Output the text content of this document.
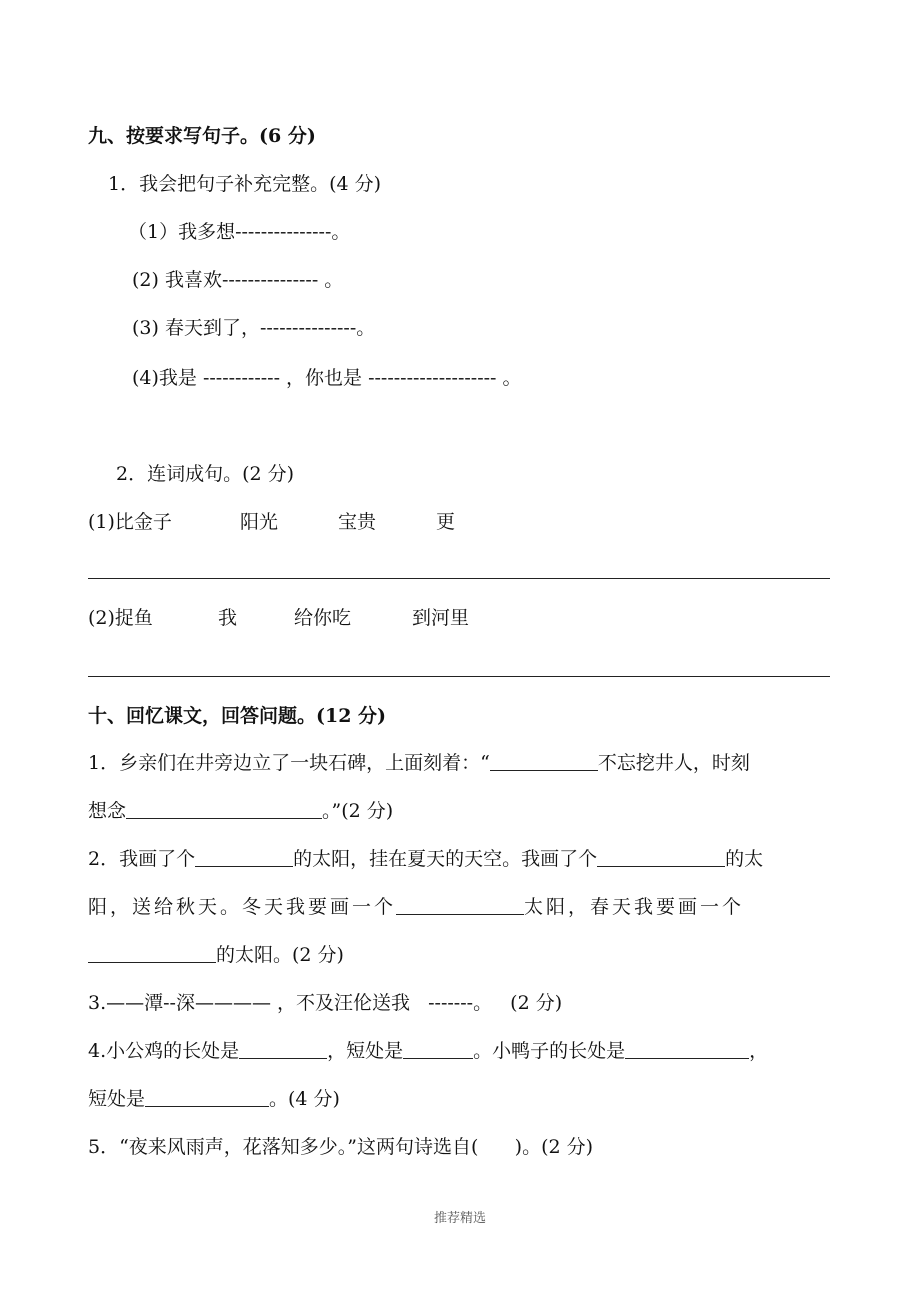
九、按要求写句子。(6 分)
1．我会把句子补充完整。(4 分)
（1）我多想---------------。
(2) 我喜欢--------------- 。
(3) 春天到了，---------------。
(4)我是 ------------ ，你也是 -------------------- 。
2．连词成句。(2 分)
(1)比金子	阳光	宝贵	更
(2)捉鱼	我	给你吃	到河里
十、回忆课文，回答问题。(12 分)
1．乡亲们在井旁边立了一块石碑，上面刻着：“	不忘挖井人，时刻
想念	。”(2 分)
2．我画了个	的太阳，挂在夏天的天空。我画了个	的太
阳，送给秋天。冬天我要画一个	太阳，春天我要画一个
的太阳。(2 分)
3.——潭--深———— ，不及汪伦送我   -------。   (2 分)
4.小公鸡的长处是	，短处是	。小鸭子的长处是	，
短处是	。(4 分)
5．“夜来风雨声，花落知多少。”这两句诗选自(      )。(2 分)
推荐精选
